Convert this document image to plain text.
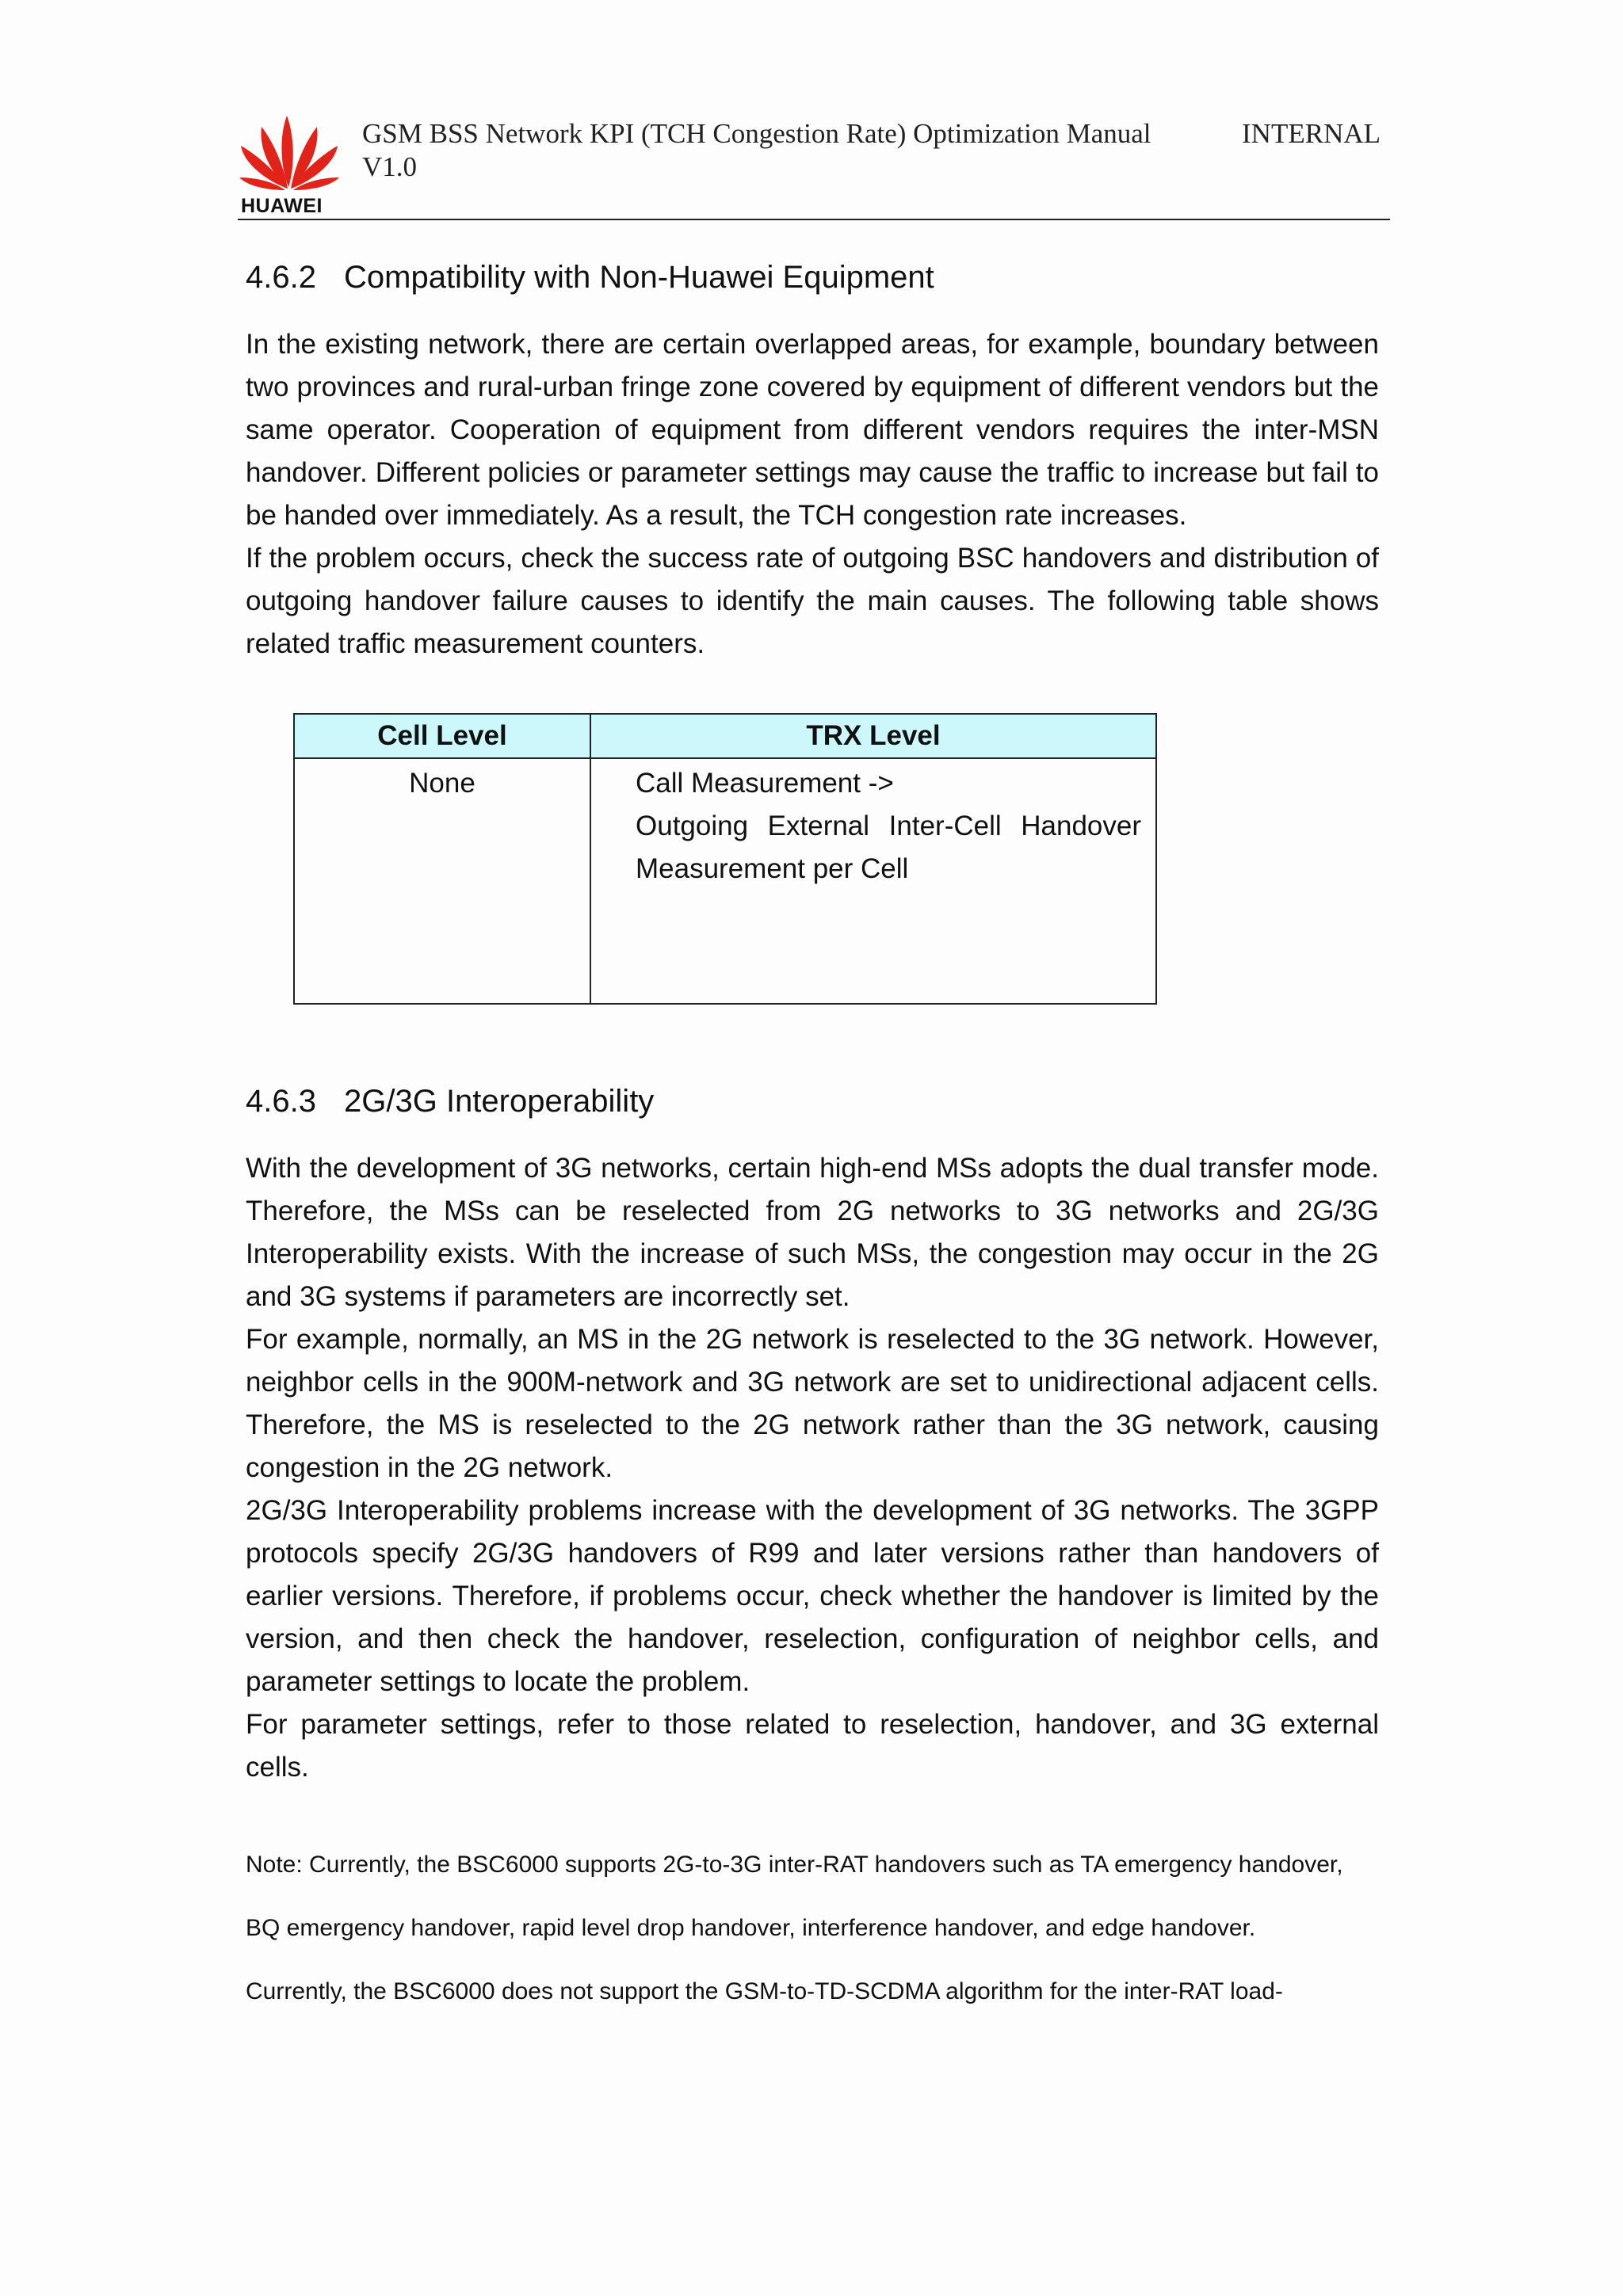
HUAWEI
GSM BSS Network KPI (TCH Congestion Rate) Optimization Manual V1.0
INTERNAL
4.6.2 Compatibility with Non-Huawei Equipment

In the existing network, there are certain overlapped areas, for example, boundary between two provinces and rural-urban fringe zone covered by equipment of different vendors but the same operator. Cooperation of equipment from different vendors requires the inter-MSN handover. Different policies or parameter settings may cause the traffic to increase but fail to be handed over immediately. As a result, the TCH congestion rate increases.

If the problem occurs, check the success rate of outgoing BSC handovers and distribution of outgoing handover failure causes to identify the main causes. The following table shows related traffic measurement counters.

Cell Level	TRX Level
None	Call Measurement ->
Outgoing External Inter-Cell Handover Measurement per Cell
4.6.3 2G/3G Interoperability

With the development of 3G networks, certain high-end MSs adopts the dual transfer mode. Therefore, the MSs can be reselected from 2G networks to 3G networks and 2G/3G Interoperability exists. With the increase of such MSs, the congestion may occur in the 2G and 3G systems if parameters are incorrectly set.

For example, normally, an MS in the 2G network is reselected to the 3G network. However, neighbor cells in the 900M-network and 3G network are set to unidirectional adjacent cells. Therefore, the MS is reselected to the 2G network rather than the 3G network, causing congestion in the 2G network.

2G/3G Interoperability problems increase with the development of 3G networks. The 3GPP protocols specify 2G/3G handovers of R99 and later versions rather than handovers of earlier versions. Therefore, if problems occur, check whether the handover is limited by the version, and then check the handover, reselection, configuration of neighbor cells, and parameter settings to locate the problem.

For parameter settings, refer to those related to reselection, handover, and 3G external cells.

Note: Currently, the BSC6000 supports 2G-to-3G inter-RAT handovers such as TA emergency handover,
BQ emergency handover, rapid level drop handover, interference handover, and edge handover.
Currently, the BSC6000 does not support the GSM-to-TD-SCDMA algorithm for the inter-RAT load-
